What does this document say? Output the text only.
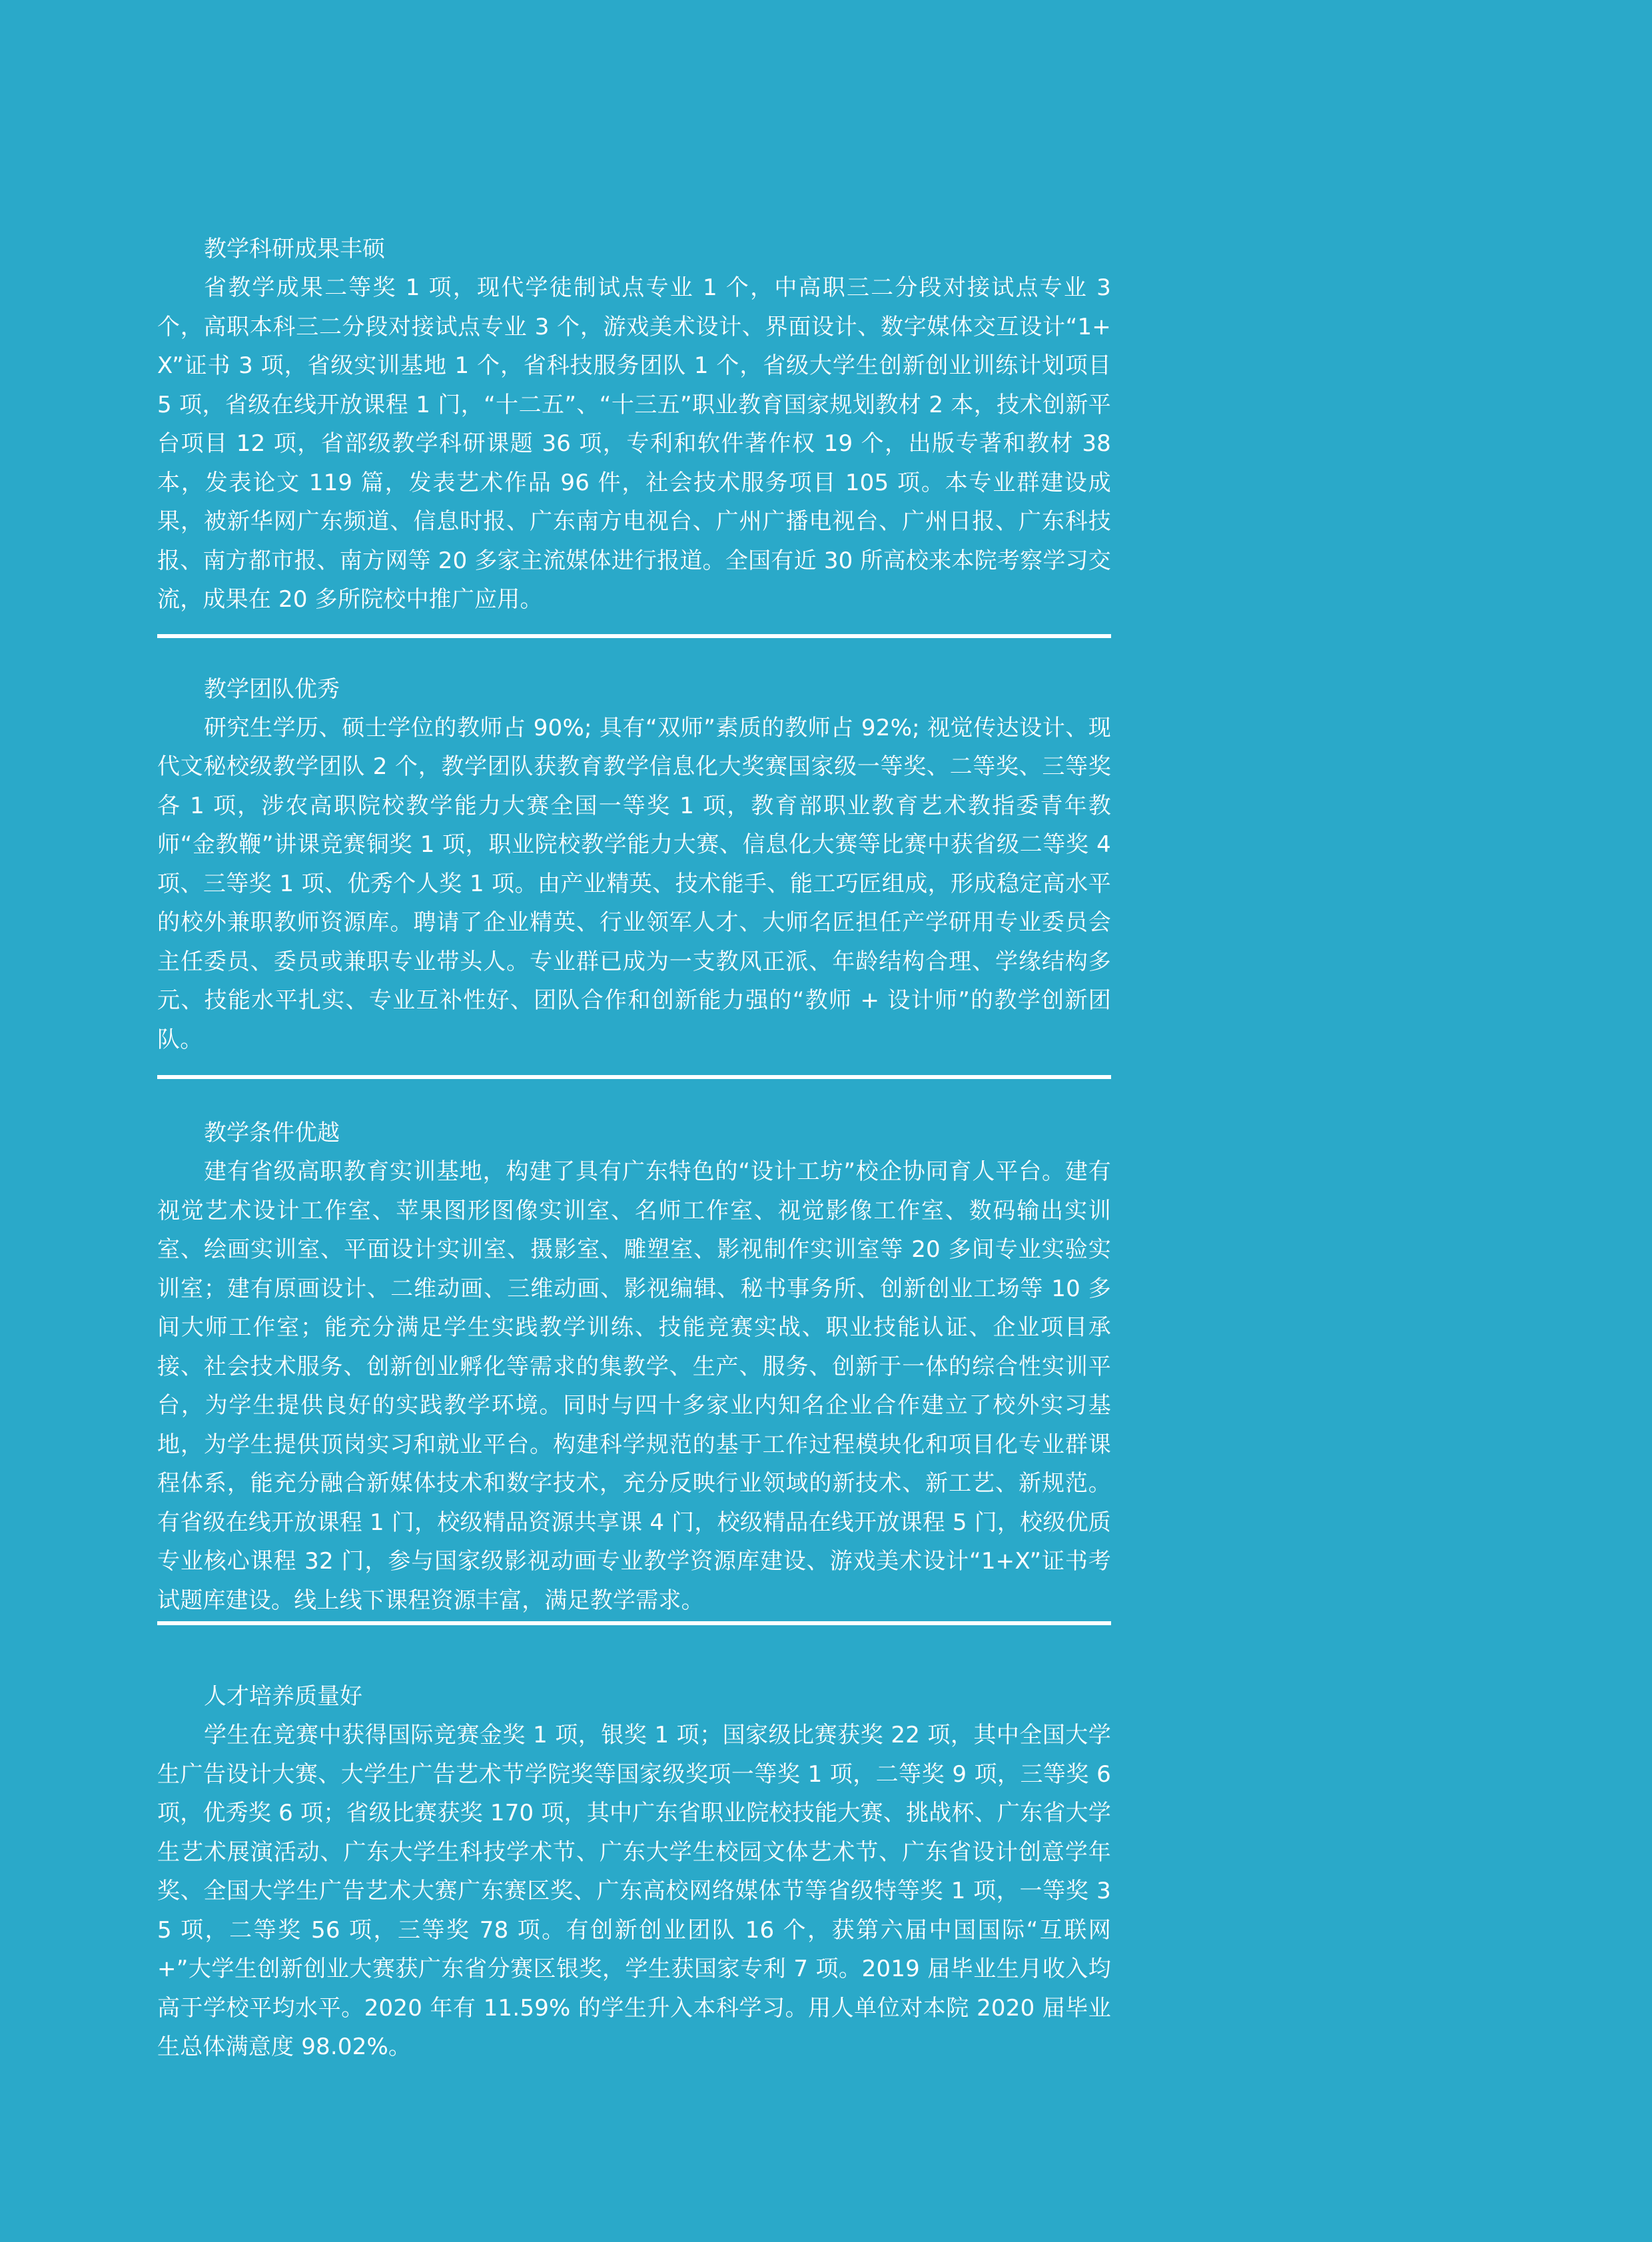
教学科研成果丰硕

省教学成果二等奖 1 项，现代学徒制试点专业 1 个，中高职三二分段对接试点专业 3 个，高职本科三二分段对接试点专业 3 个，游戏美术设计、界面设计、数字媒体交互设计“1+X”证书 3 项，省级实训基地 1 个，省科技服务团队 1 个，省级大学生创新创业训练计划项目 5 项，省级在线开放课程 1 门，“十二五”、“十三五”职业教育国家规划教材 2 本，技术创新平台项目 12 项，省部级教学科研课题 36 项，专利和软件著作权 19 个，出版专著和教材 38 本，发表论文 119 篇，发表艺术作品 96 件，社会技术服务项目 105 项。本专业群建设成果，被新华网广东频道、信息时报、广东南方电视台、广州广播电视台、广州日报、广东科技报、南方都市报、南方网等 20 多家主流媒体进行报道。全国有近 30 所高校来本院考察学习交流，成果在 20 多所院校中推广应用。

教学团队优秀

研究生学历、硕士学位的教师占 90%; 具有“双师”素质的教师占 92%; 视觉传达设计、现代文秘校级教学团队 2 个，教学团队获教育教学信息化大奖赛国家级一等奖、二等奖、三等奖各 1 项，涉农高职院校教学能力大赛全国一等奖 1 项，教育部职业教育艺术教指委青年教师“金教鞭”讲课竞赛铜奖 1 项，职业院校教学能力大赛、信息化大赛等比赛中获省级二等奖 4 项、三等奖 1 项、优秀个人奖 1 项。由产业精英、技术能手、能工巧匠组成，形成稳定高水平的校外兼职教师资源库。聘请了企业精英、行业领军人才、大师名匠担任产学研用专业委员会主任委员、委员或兼职专业带头人。专业群已成为一支教风正派、年龄结构合理、学缘结构多元、技能水平扎实、专业互补性好、团队合作和创新能力强的“教师 + 设计师”的教学创新团队。

教学条件优越

建有省级高职教育实训基地，构建了具有广东特色的“设计工坊”校企协同育人平台。建有视觉艺术设计工作室、苹果图形图像实训室、名师工作室、视觉影像工作室、数码输出实训室、绘画实训室、平面设计实训室、摄影室、雕塑室、影视制作实训室等 20 多间专业实验实训室；建有原画设计、二维动画、三维动画、影视编辑、秘书事务所、创新创业工场等 10 多间大师工作室；能充分满足学生实践教学训练、技能竞赛实战、职业技能认证、企业项目承接、社会技术服务、创新创业孵化等需求的集教学、生产、服务、创新于一体的综合性实训平台，为学生提供良好的实践教学环境。同时与四十多家业内知名企业合作建立了校外实习基地，为学生提供顶岗实习和就业平台。构建科学规范的基于工作过程模块化和项目化专业群课程体系，能充分融合新媒体技术和数字技术，充分反映行业领域的新技术、新工艺、新规范。有省级在线开放课程 1 门，校级精品资源共享课 4 门，校级精品在线开放课程 5 门，校级优质专业核心课程 32 门，参与国家级影视动画专业教学资源库建设、游戏美术设计“1+X”证书考试题库建设。线上线下课程资源丰富，满足教学需求。

人才培养质量好

学生在竞赛中获得国际竞赛金奖 1 项，银奖 1 项；国家级比赛获奖 22 项，其中全国大学生广告设计大赛、大学生广告艺术节学院奖等国家级奖项一等奖 1 项，二等奖 9 项，三等奖 6 项，优秀奖 6 项；省级比赛获奖 170 项，其中广东省职业院校技能大赛、挑战杯、广东省大学生艺术展演活动、广东大学生科技学术节、广东大学生校园文体艺术节、广东省设计创意学年奖、全国大学生广告艺术大赛广东赛区奖、广东高校网络媒体节等省级特等奖 1 项，一等奖 35 项，二等奖 56 项，三等奖 78 项。有创新创业团队 16 个，获第六届中国国际“互联网 +”大学生创新创业大赛获广东省分赛区银奖，学生获国家专利 7 项。2019 届毕业生月收入均高于学校平均水平。2020 年有 11.59% 的学生升入本科学习。用人单位对本院 2020 届毕业生总体满意度 98.02%。
